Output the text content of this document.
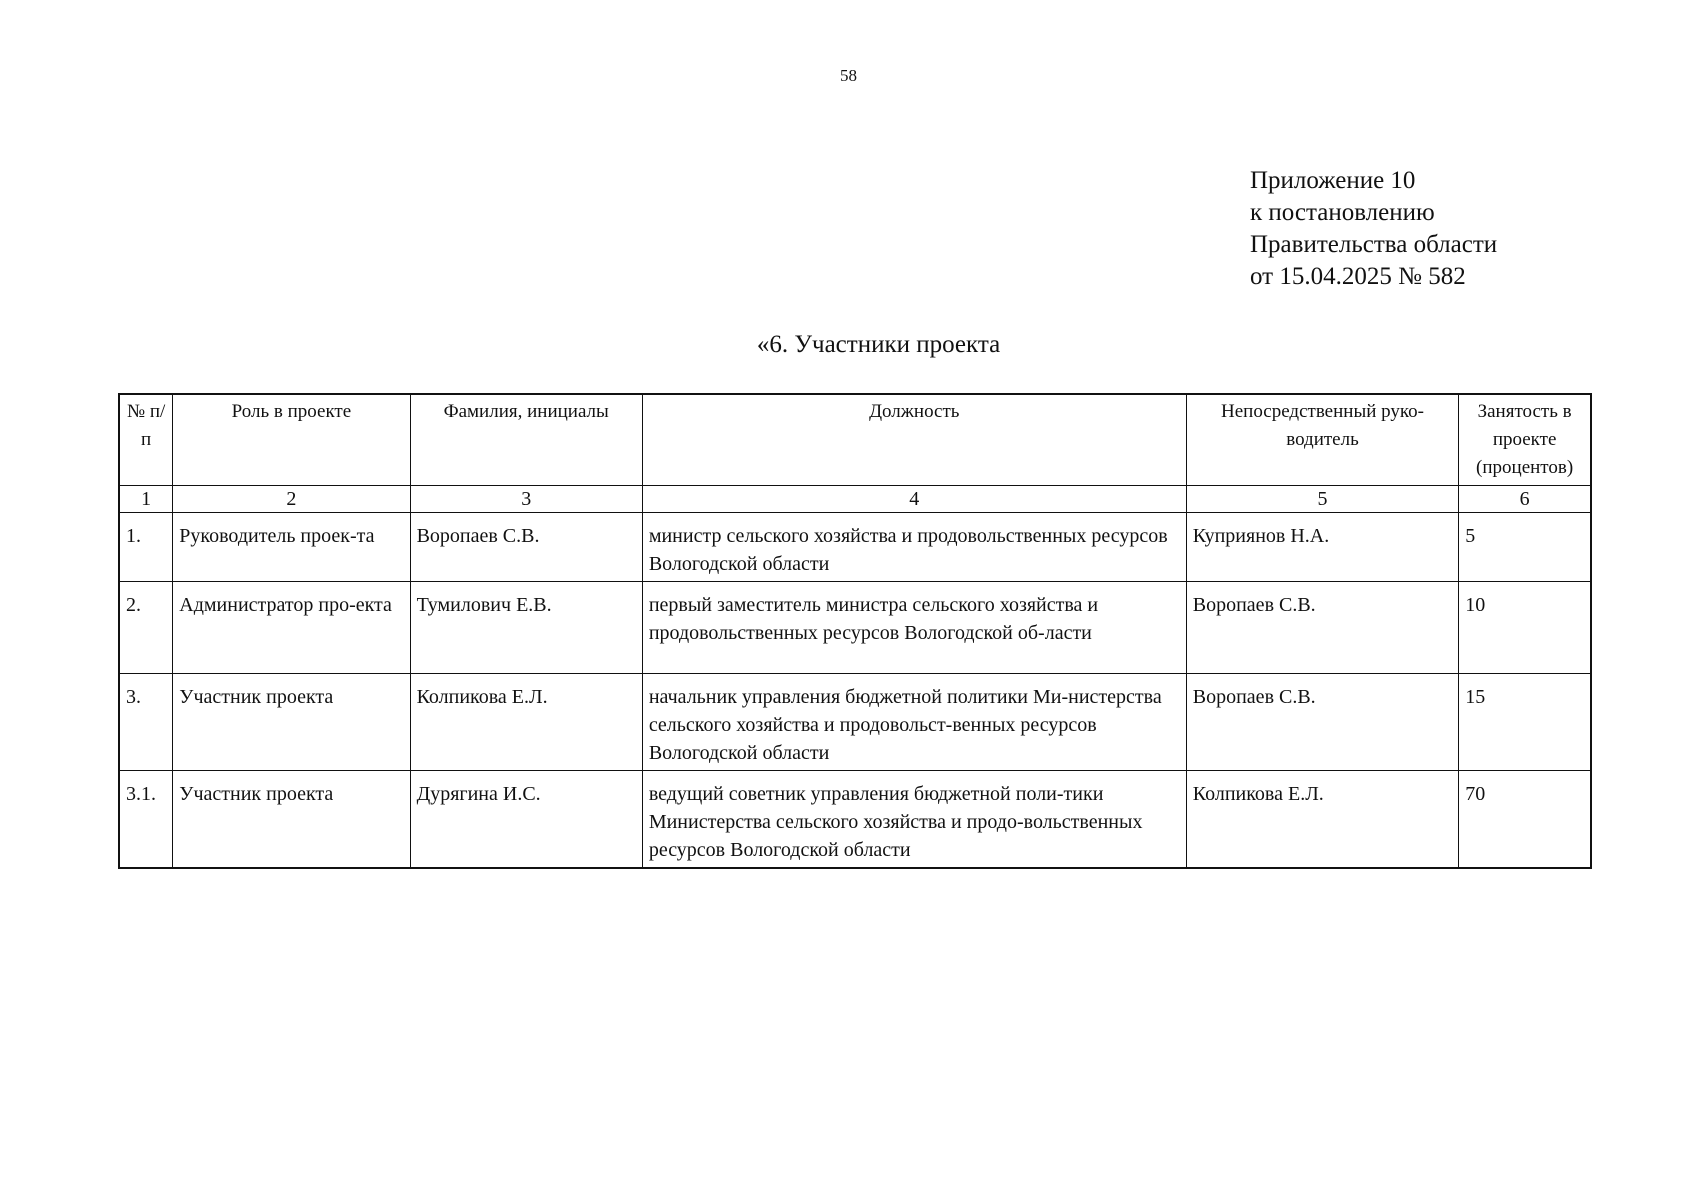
58
Приложение 10
к постановлению
Правительства области
от 15.04.2025 № 582
«6. Участники проекта
№ п/п	Роль в проекте	Фамилия, инициалы	Должность	Непосредственный руко-водитель	Занятость в проекте (процентов)
1	2	3	4	5	6
1.	Руководитель проек-та	Воропаев С.В.	министр сельского хозяйства и продовольственных ресурсов Вологодской области	Куприянов Н.А.	5
2.	Администратор про-екта	Тумилович Е.В.	первый заместитель министра сельского хозяйства и продовольственных ресурсов Вологодской об-ласти	Воропаев С.В.	10
3.	Участник проекта	Колпикова Е.Л.	начальник управления бюджетной политики Ми-нистерства сельского хозяйства и продовольст-венных ресурсов Вологодской области	Воропаев С.В.	15
3.1.	Участник проекта	Дурягина И.С.	ведущий советник управления бюджетной поли-тики Министерства сельского хозяйства и продо-вольственных ресурсов Вологодской области	Колпикова Е.Л.	70
